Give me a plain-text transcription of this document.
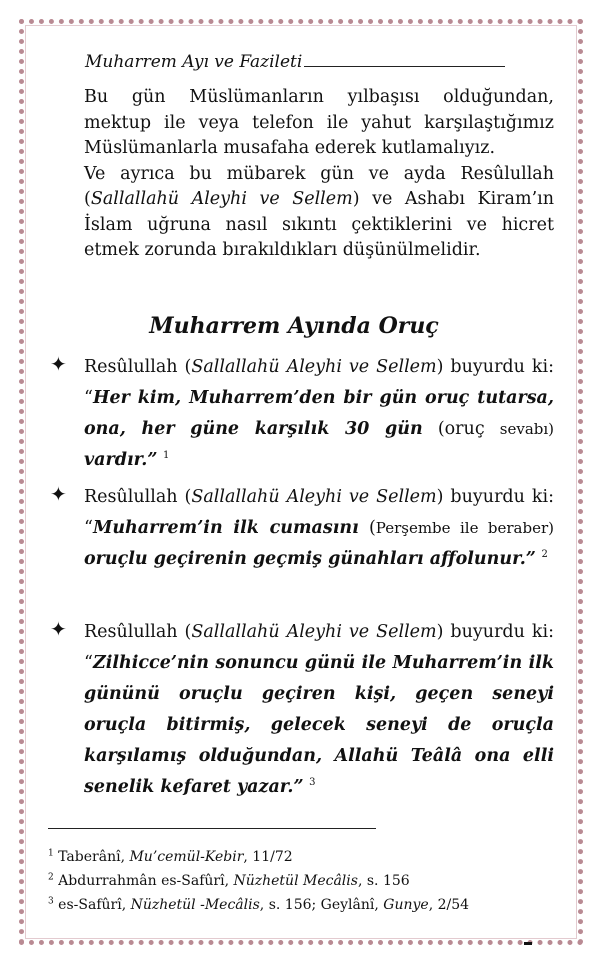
Muharrem Ayı ve Fazileti

Bu gün Müslümanların yılbaşısı olduğundan, mektup ile veya telefon ile yahut karşılaştığımız Müslümanlarla musafaha ederek kutlamalıyız.

Ve ayrıca bu mübarek gün ve ayda Resûlullah (Sallallahü Aleyhi ve Sellem) ve Ashabı Kiram’ın İslam uğruna nasıl sıkıntı çektiklerini ve hicret etmek zorunda bırakıldıkları düşünülmelidir.

Muharrem Ayında Oruç
✦ Resûlullah (Sallallahü Aleyhi ve Sellem) buyurdu ki: “Her kim, Muharrem’den bir gün oruç tutarsa, ona, her güne karşılık 30 gün (oruç sevabı) vardır.” $^1$
✦ Resûlullah (Sallallahü Aleyhi ve Sellem) buyurdu ki: “Muharrem’in ilk cumasını (Perşembe ile beraber) oruçlu geçirenin geçmiş günahları affolunur.” $^2$
✦ Resûlullah (Sallallahü Aleyhi ve Sellem) buyurdu ki: “Zilhicce’nin sonuncu günü ile Muharrem’in ilk gününü oruçlu geçiren kişi, geçen seneyi oruçla bitirmiş, gelecek seneyi de oruçla karşılamış olduğundan, Allahü Teâlâ ona elli senelik kefaret yazar.” $^3$
$^1$ Taberânî, Mu’cemül-Kebir, 11/72
$^2$ Abdurrahmân es-Safûrî, Nüzhetül Mecâlis, s. 156
$^3$ es-Safûrî, Nüzhetül -Mecâlis, s. 156; Geylânî, Gunye, 2/54
